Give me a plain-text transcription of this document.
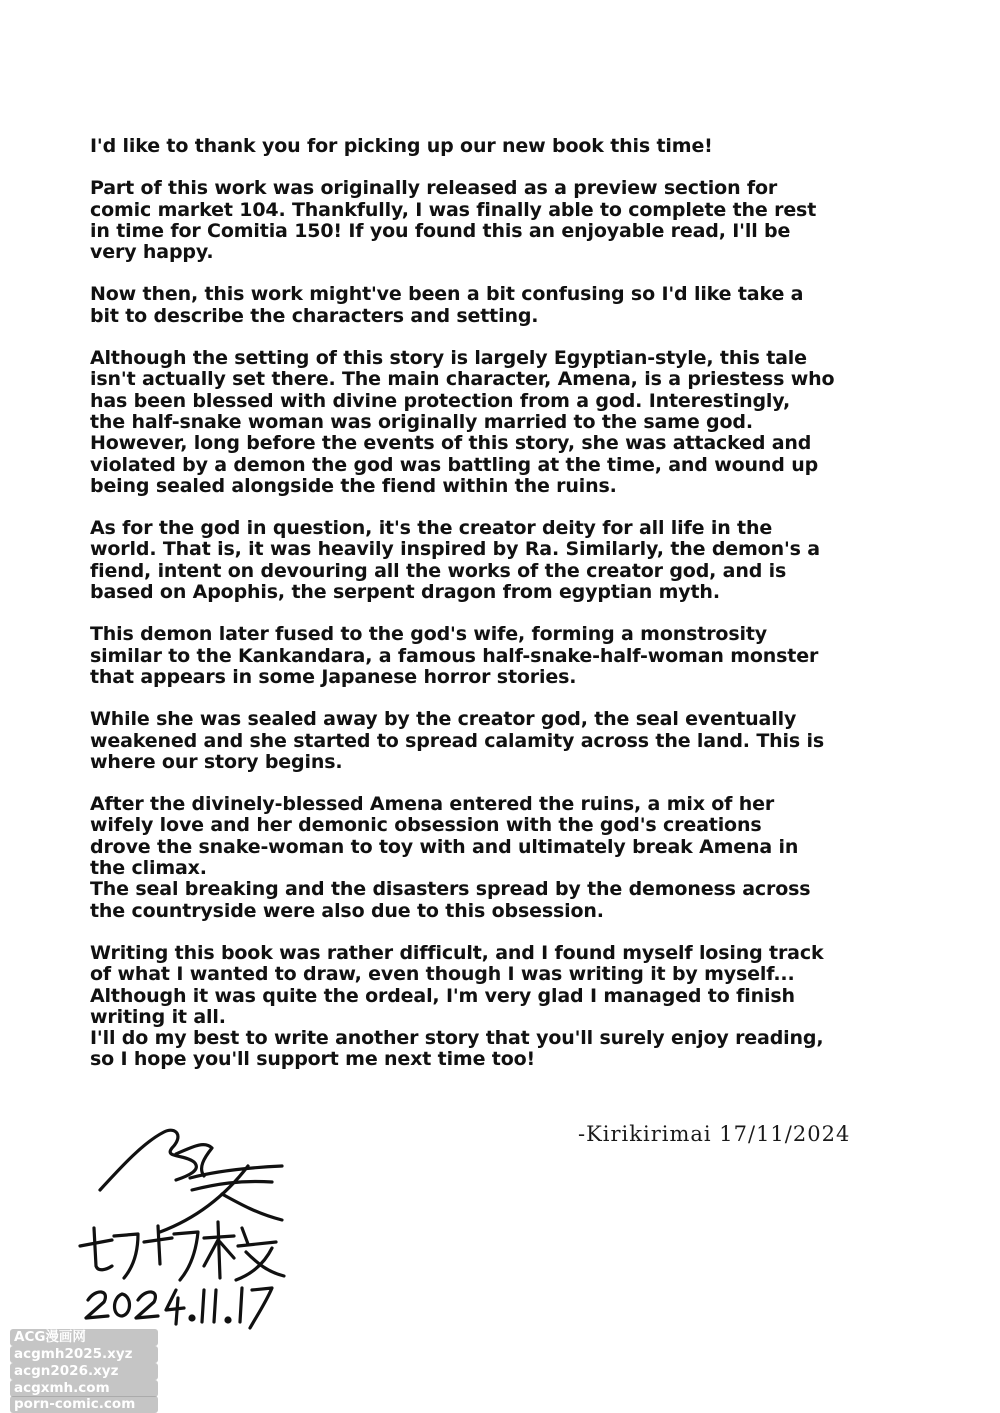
I'd like to thank you for picking up our new book this time!

Part of this work was originally released as a preview section for
comic market 104. Thankfully, I was finally able to complete the rest
in time for Comitia 150! If you found this an enjoyable read, I'll be
very happy.

Now then, this work might've been a bit confusing so I'd like take a
bit to describe the characters and setting.

Although the setting of this story is largely Egyptian-style, this tale
isn't actually set there. The main character, Amena, is a priestess who
has been blessed with divine protection from a god. Interestingly,
the half-snake woman was originally married to the same god.
However, long before the events of this story, she was attacked and
violated by a demon the god was battling at the time, and wound up
being sealed alongside the fiend within the ruins.

As for the god in question, it's the creator deity for all life in the
world. That is, it was heavily inspired by Ra. Similarly, the demon's a
fiend, intent on devouring all the works of the creator god, and is
based on Apophis, the serpent dragon from egyptian myth.

This demon later fused to the god's wife, forming a monstrosity
similar to the Kankandara, a famous half-snake-half-woman monster
that appears in some Japanese horror stories.

While she was sealed away by the creator god, the seal eventually
weakened and she started to spread calamity across the land. This is
where our story begins.

After the divinely-blessed Amena entered the ruins, a mix of her
wifely love and her demonic obsession with the god's creations
drove the snake-woman to toy with and ultimately break Amena in
the climax.
The seal breaking and the disasters spread by the demoness across
the countryside were also due to this obsession.

Writing this book was rather difficult, and I found myself losing track
of what I wanted to draw, even though I was writing it by myself...
Although it was quite the ordeal, I'm very glad I managed to finish
writing it all.
I'll do my best to write another story that you'll surely enjoy reading,
so I hope you'll support me next time too!

-Kirikirimai 17/11/2024
ACG漫画网
acgmh2025.xyz
acgn2026.xyz
acgxmh.com
porn-comic.com
